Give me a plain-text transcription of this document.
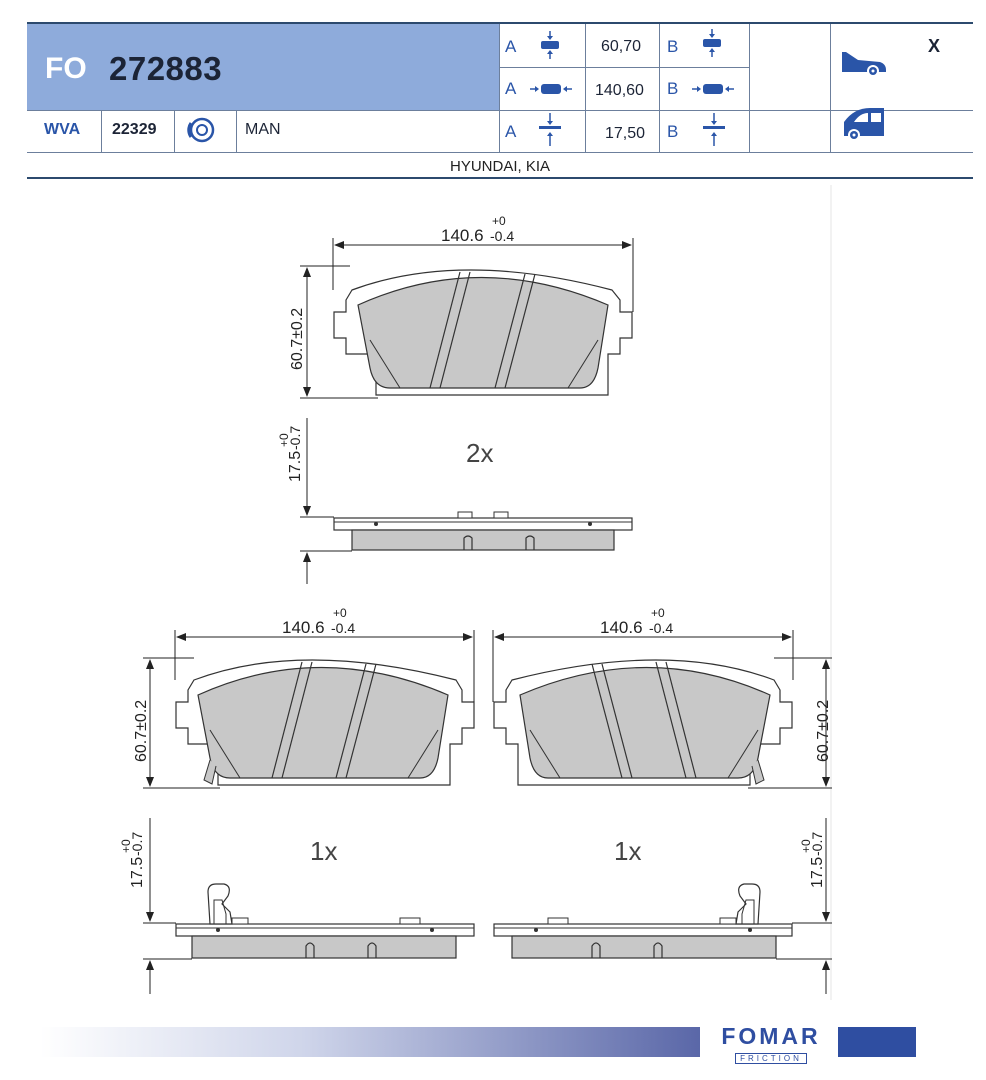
FO 272883
WVA 22329	MAN
A	60,70 B
A	140,60 B
A	17,50 B
X
HYUNDAI, KIA
140.6
+0
-0.4
60.7±0.2
2x
17.5
+0
-0.7
140.6
+0
-0.4
60.7±0.2
1x
17.5
+0
-0.7
140.6
+0
-0.4
60.7±0.2
1x
17.5
+0
-0.7
FOMAR
FRICTION
